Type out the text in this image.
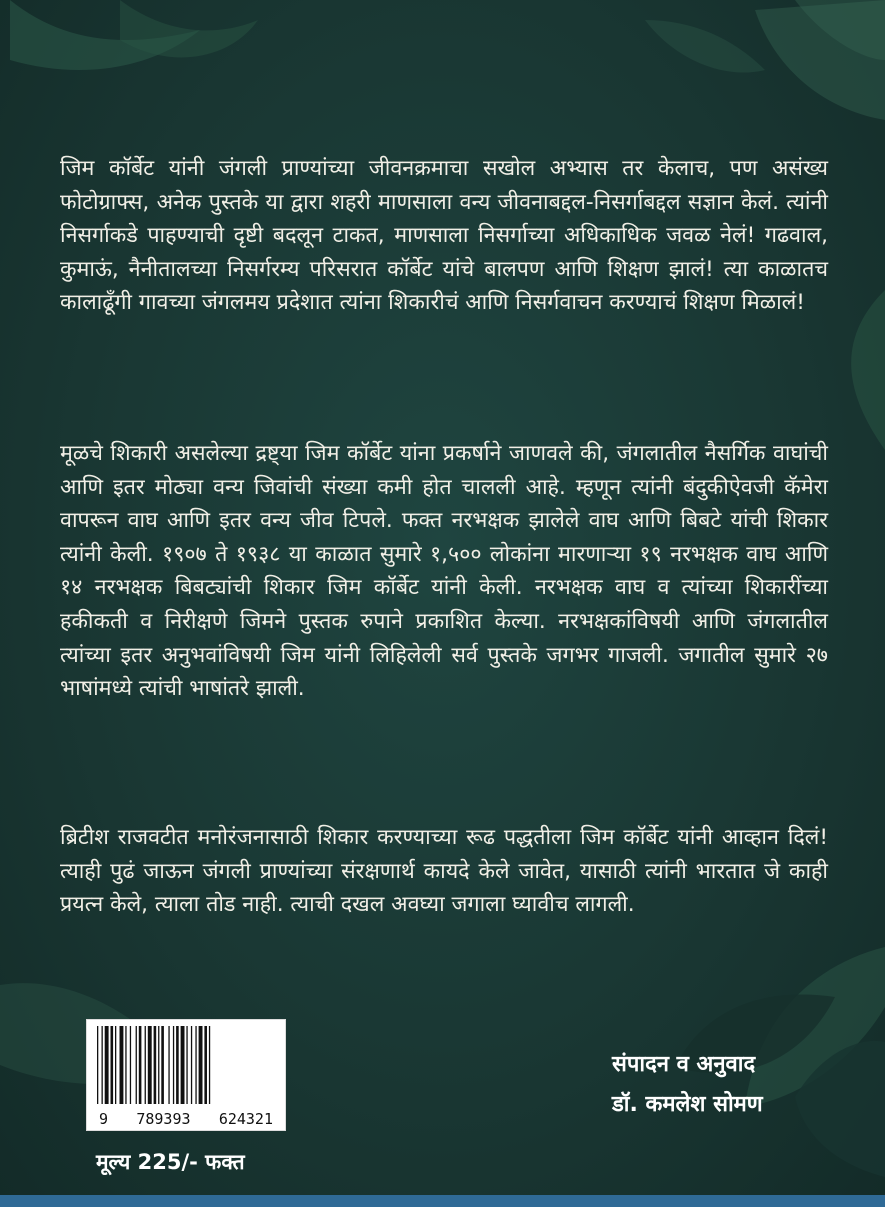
जिम कॉर्बेट यांनी जंगली प्राण्यांच्या जीवनक्रमाचा सखोल अभ्यास तर केलाच, पण असंख्य फोटोग्राफ्स, अनेक पुस्तके या द्वारा शहरी माणसाला वन्य जीवनाबद्दल-निसर्गाबद्दल सज्ञान केलं. त्यांनी निसर्गाकडे पाहण्याची दृष्टी बदलून टाकत, माणसाला निसर्गाच्या अधिकाधिक जवळ नेलं! गढवाल, कुमाऊं, नैनीतालच्या निसर्गरम्य परिसरात कॉर्बेट यांचे बालपण आणि शिक्षण झालं! त्या काळातच कालाढूँगी गावच्या जंगलमय प्रदेशात त्यांना शिकारीचं आणि निसर्गवाचन करण्याचं शिक्षण मिळालं!
मूळचे शिकारी असलेल्या द्रष्ट्या जिम कॉर्बेट यांना प्रकर्षाने जाणवले की, जंगलातील नैसर्गिक वाघांची आणि इतर मोठ्या वन्य जिवांची संख्या कमी होत चालली आहे. म्हणून त्यांनी बंदुकीऐवजी कॅमेरा वापरून वाघ आणि इतर वन्य जीव टिपले. फक्त नरभक्षक झालेले वाघ आणि बिबटे यांची शिकार त्यांनी केली. १९०७ ते १९३८ या काळात सुमारे १,५०० लोकांना मारणाऱ्या १९ नरभक्षक वाघ आणि १४ नरभक्षक बिबट्यांची शिकार जिम कॉर्बेट यांनी केली. नरभक्षक वाघ व त्यांच्या शिकारींच्या हकीकती व निरीक्षणे जिमने पुस्तक रुपाने प्रकाशित केल्या. नरभक्षकांविषयी आणि जंगलातील त्यांच्या इतर अनुभवांविषयी जिम यांनी लिहिलेली सर्व पुस्तके जगभर गाजली. जगातील सुमारे २७ भाषांमध्ये त्यांची भाषांतरे झाली.
ब्रिटीश राजवटीत मनोरंजनासाठी शिकार करण्याच्या रूढ पद्धतीला जिम कॉर्बेट यांनी आव्हान दिलं! त्याही पुढं जाऊन जंगली प्राण्यांच्या संरक्षणार्थ कायदे केले जावेत, यासाठी त्यांनी भारतात जे काही प्रयत्न केले, त्याला तोड नाही. त्याची दखल अवघ्या जगाला घ्यावीच लागली.
9 789393 624321
मूल्य 225/- फक्त
संपादन व अनुवाद
डॉ. कमलेश सोमण
